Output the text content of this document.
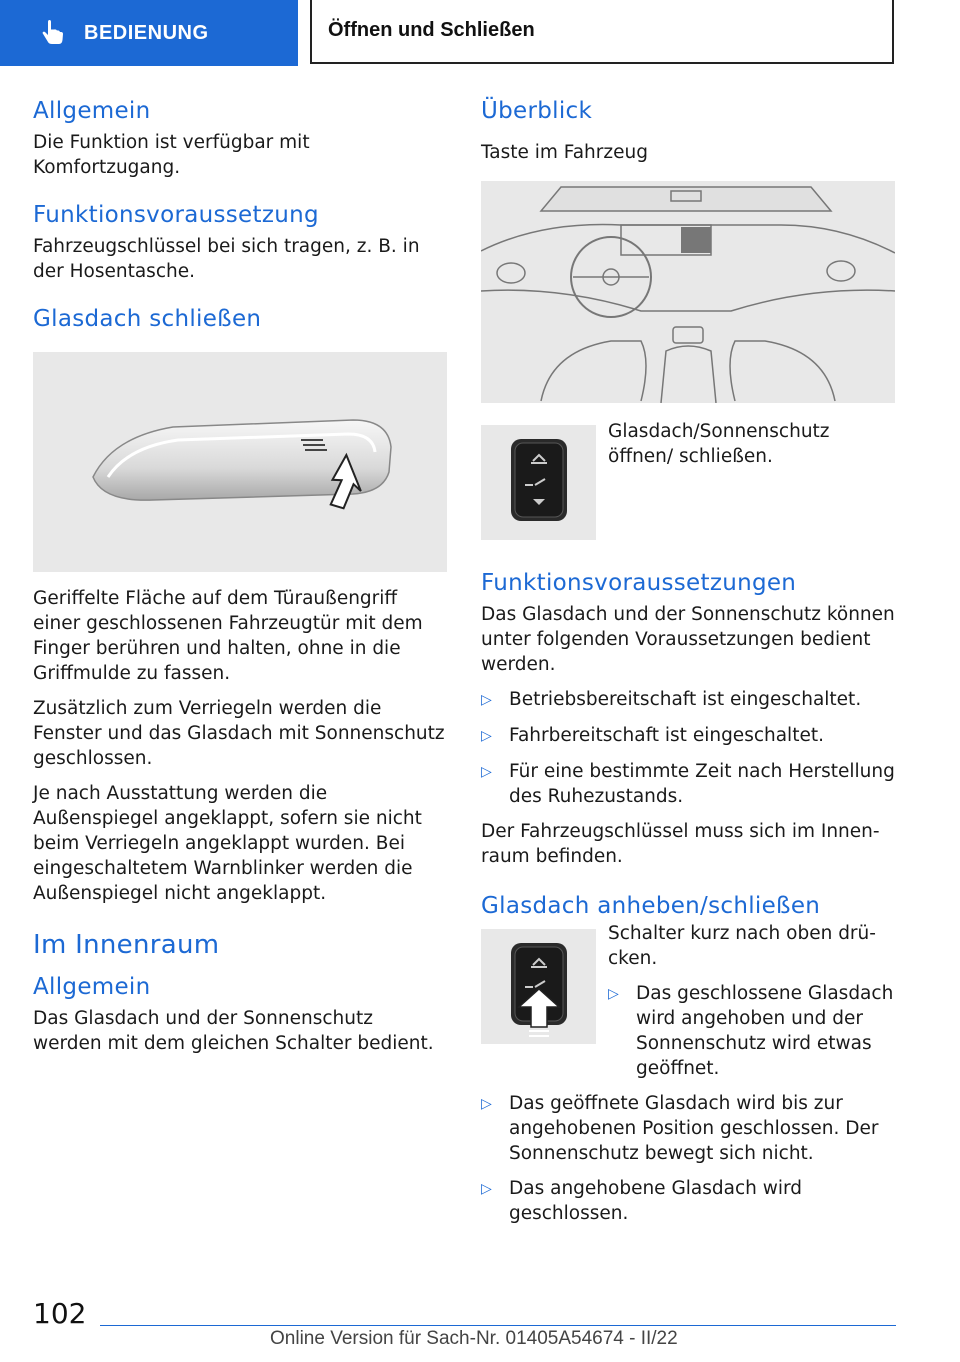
BEDIENUNG	Öffnen und Schließen
Allgemein

Die Funktion ist verfügbar mit Komfortzugang.

Funktionsvoraussetzung

Fahrzeugschlüssel bei sich tragen, z. B. in der Hosentasche.

Glasdach schließen

Geriffelte Fläche auf dem Türaußengriff einer geschlossenen Fahrzeugtür mit dem Finger berühren und halten, ohne in die Griffmulde zu fassen.

Zusätzlich zum Verriegeln werden die Fenster und das Glasdach mit Sonnenschutz geschlossen.

Je nach Ausstattung werden die Außenspiegel angeklappt, sofern sie nicht beim Verriegeln angeklappt wurden. Bei eingeschaltetem Warnblinker werden die Außenspiegel nicht angeklappt.

Im Innenraum
Allgemein

Das Glasdach und der Sonnenschutz werden mit dem gleichen Schalter bedient.

Überblick

Taste im Fahrzeug

Glasdach/Sonnenschutz öffnen/ schließen.

Funktionsvoraussetzungen

Das Glasdach und der Sonnenschutz können unter folgenden Voraussetzungen bedient werden.

▷ Betriebsbereitschaft ist eingeschaltet.
▷ Fahrbereitschaft ist eingeschaltet.
▷ Für eine bestimmte Zeit nach Herstellung des Ruhezustands.

Der Fahrzeugschlüssel muss sich im Innenraum befinden.

Glasdach anheben/schließen

Schalter kurz nach oben drücken.

▷ Das geschlossene Glasdach wird angehoben und der Sonnenschutz wird etwas geöffnet.
▷ Das geöffnete Glasdach wird bis zur angehobenen Position geschlossen. Der Sonnenschutz bewegt sich nicht.
▷ Das angehobene Glasdach wird geschlossen.
102
Online Version für Sach-Nr. 01405A54674 - II/22
